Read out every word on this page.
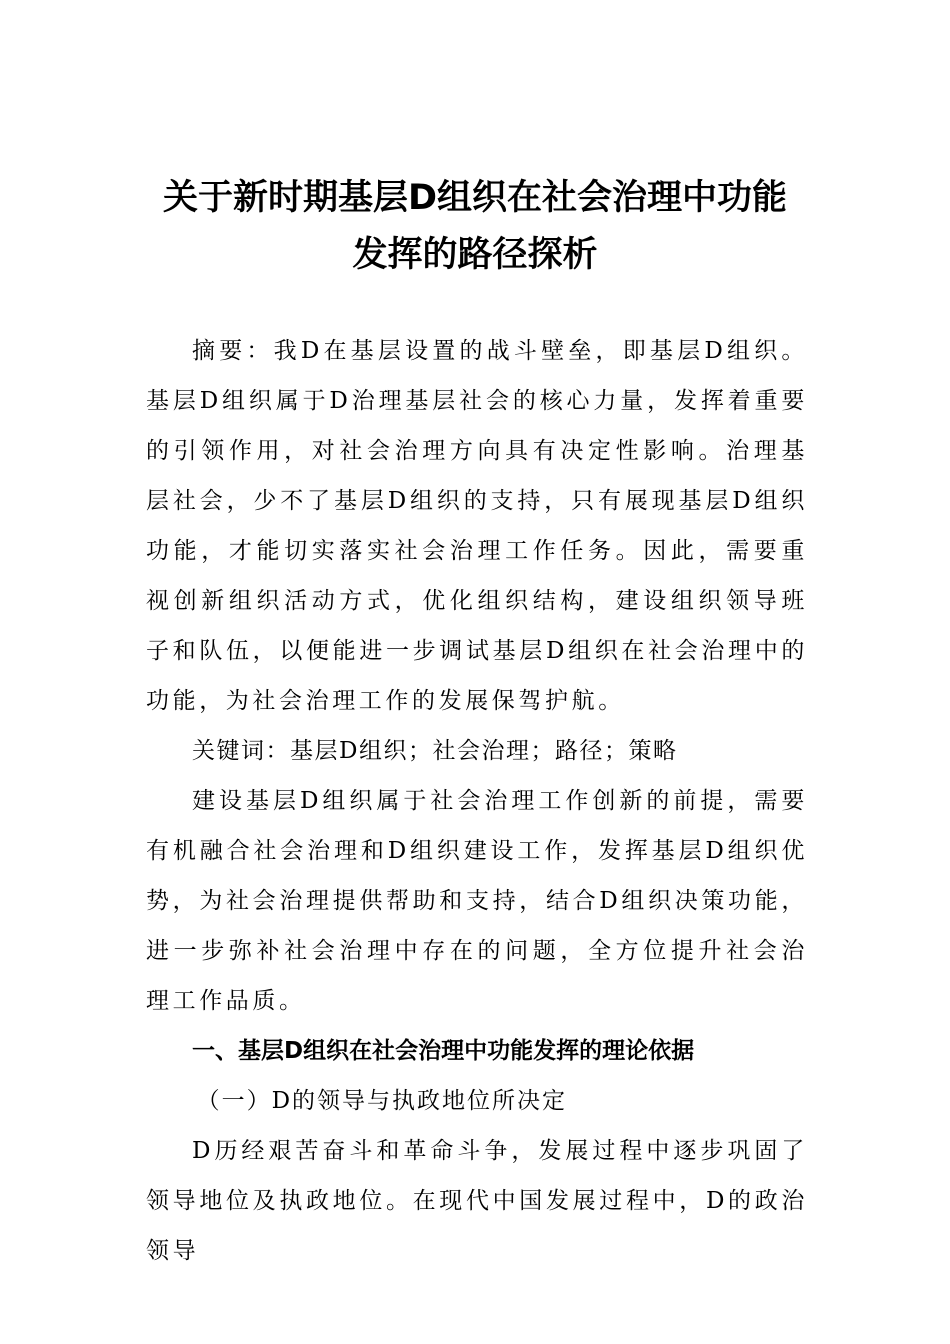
关于新时期基层D组织在社会治理中功能
发挥的路径探析

摘要：我D在基层设置的战斗壁垒，即基层D组织。基层D组织属于D治理基层社会的核心力量，发挥着重要的引领作用，对社会治理方向具有决定性影响。治理基层社会，少不了基层D组织的支持，只有展现基层D组织功能，才能切实落实社会治理工作任务。因此，需要重视创新组织活动方式，优化组织结构，建设组织领导班子和队伍，以便能进一步调试基层D组织在社会治理中的功能，为社会治理工作的发展保驾护航。

关键词：基层D组织；社会治理；路径；策略

建设基层D组织属于社会治理工作创新的前提，需要有机融合社会治理和D组织建设工作，发挥基层D组织优势，为社会治理提供帮助和支持，结合D组织决策功能，进一步弥补社会治理中存在的问题，全方位提升社会治理工作品质。

一、基层D组织在社会治理中功能发挥的理论依据

（一）D的领导与执政地位所决定

D历经艰苦奋斗和革命斗争，发展过程中逐步巩固了领导地位及执政地位。在现代中国发展过程中，D的政治领导
